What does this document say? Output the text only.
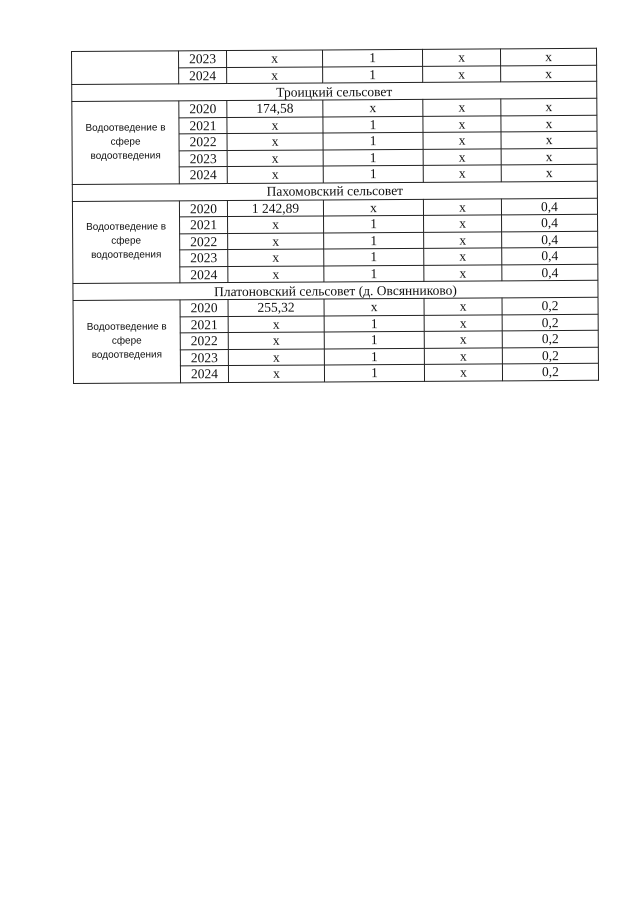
	2023	х	1	х	х
	2024	х	1	х	х
Троицкий сельсовет					
Водоотведение в сфере водоотведения	2020	174,58	х	х	х
	2021	х	1	х	х
	2022	х	1	х	х
	2023	х	1	х	х
	2024	х	1	х	х
Пахомовский сельсовет					
Водоотведение в сфере водоотведения	2020	1 242,89	х	х	0,4
	2021	х	1	х	0,4
	2022	х	1	х	0,4
	2023	х	1	х	0,4
	2024	х	1	х	0,4
Платоновский сельсовет (д. Овсянниково)					
Водоотведение в сфере водоотведения	2020	255,32	х	х	0,2
	2021	х	1	х	0,2
	2022	х	1	х	0,2
	2023	х	1	х	0,2
	2024	х	1	х	0,2
